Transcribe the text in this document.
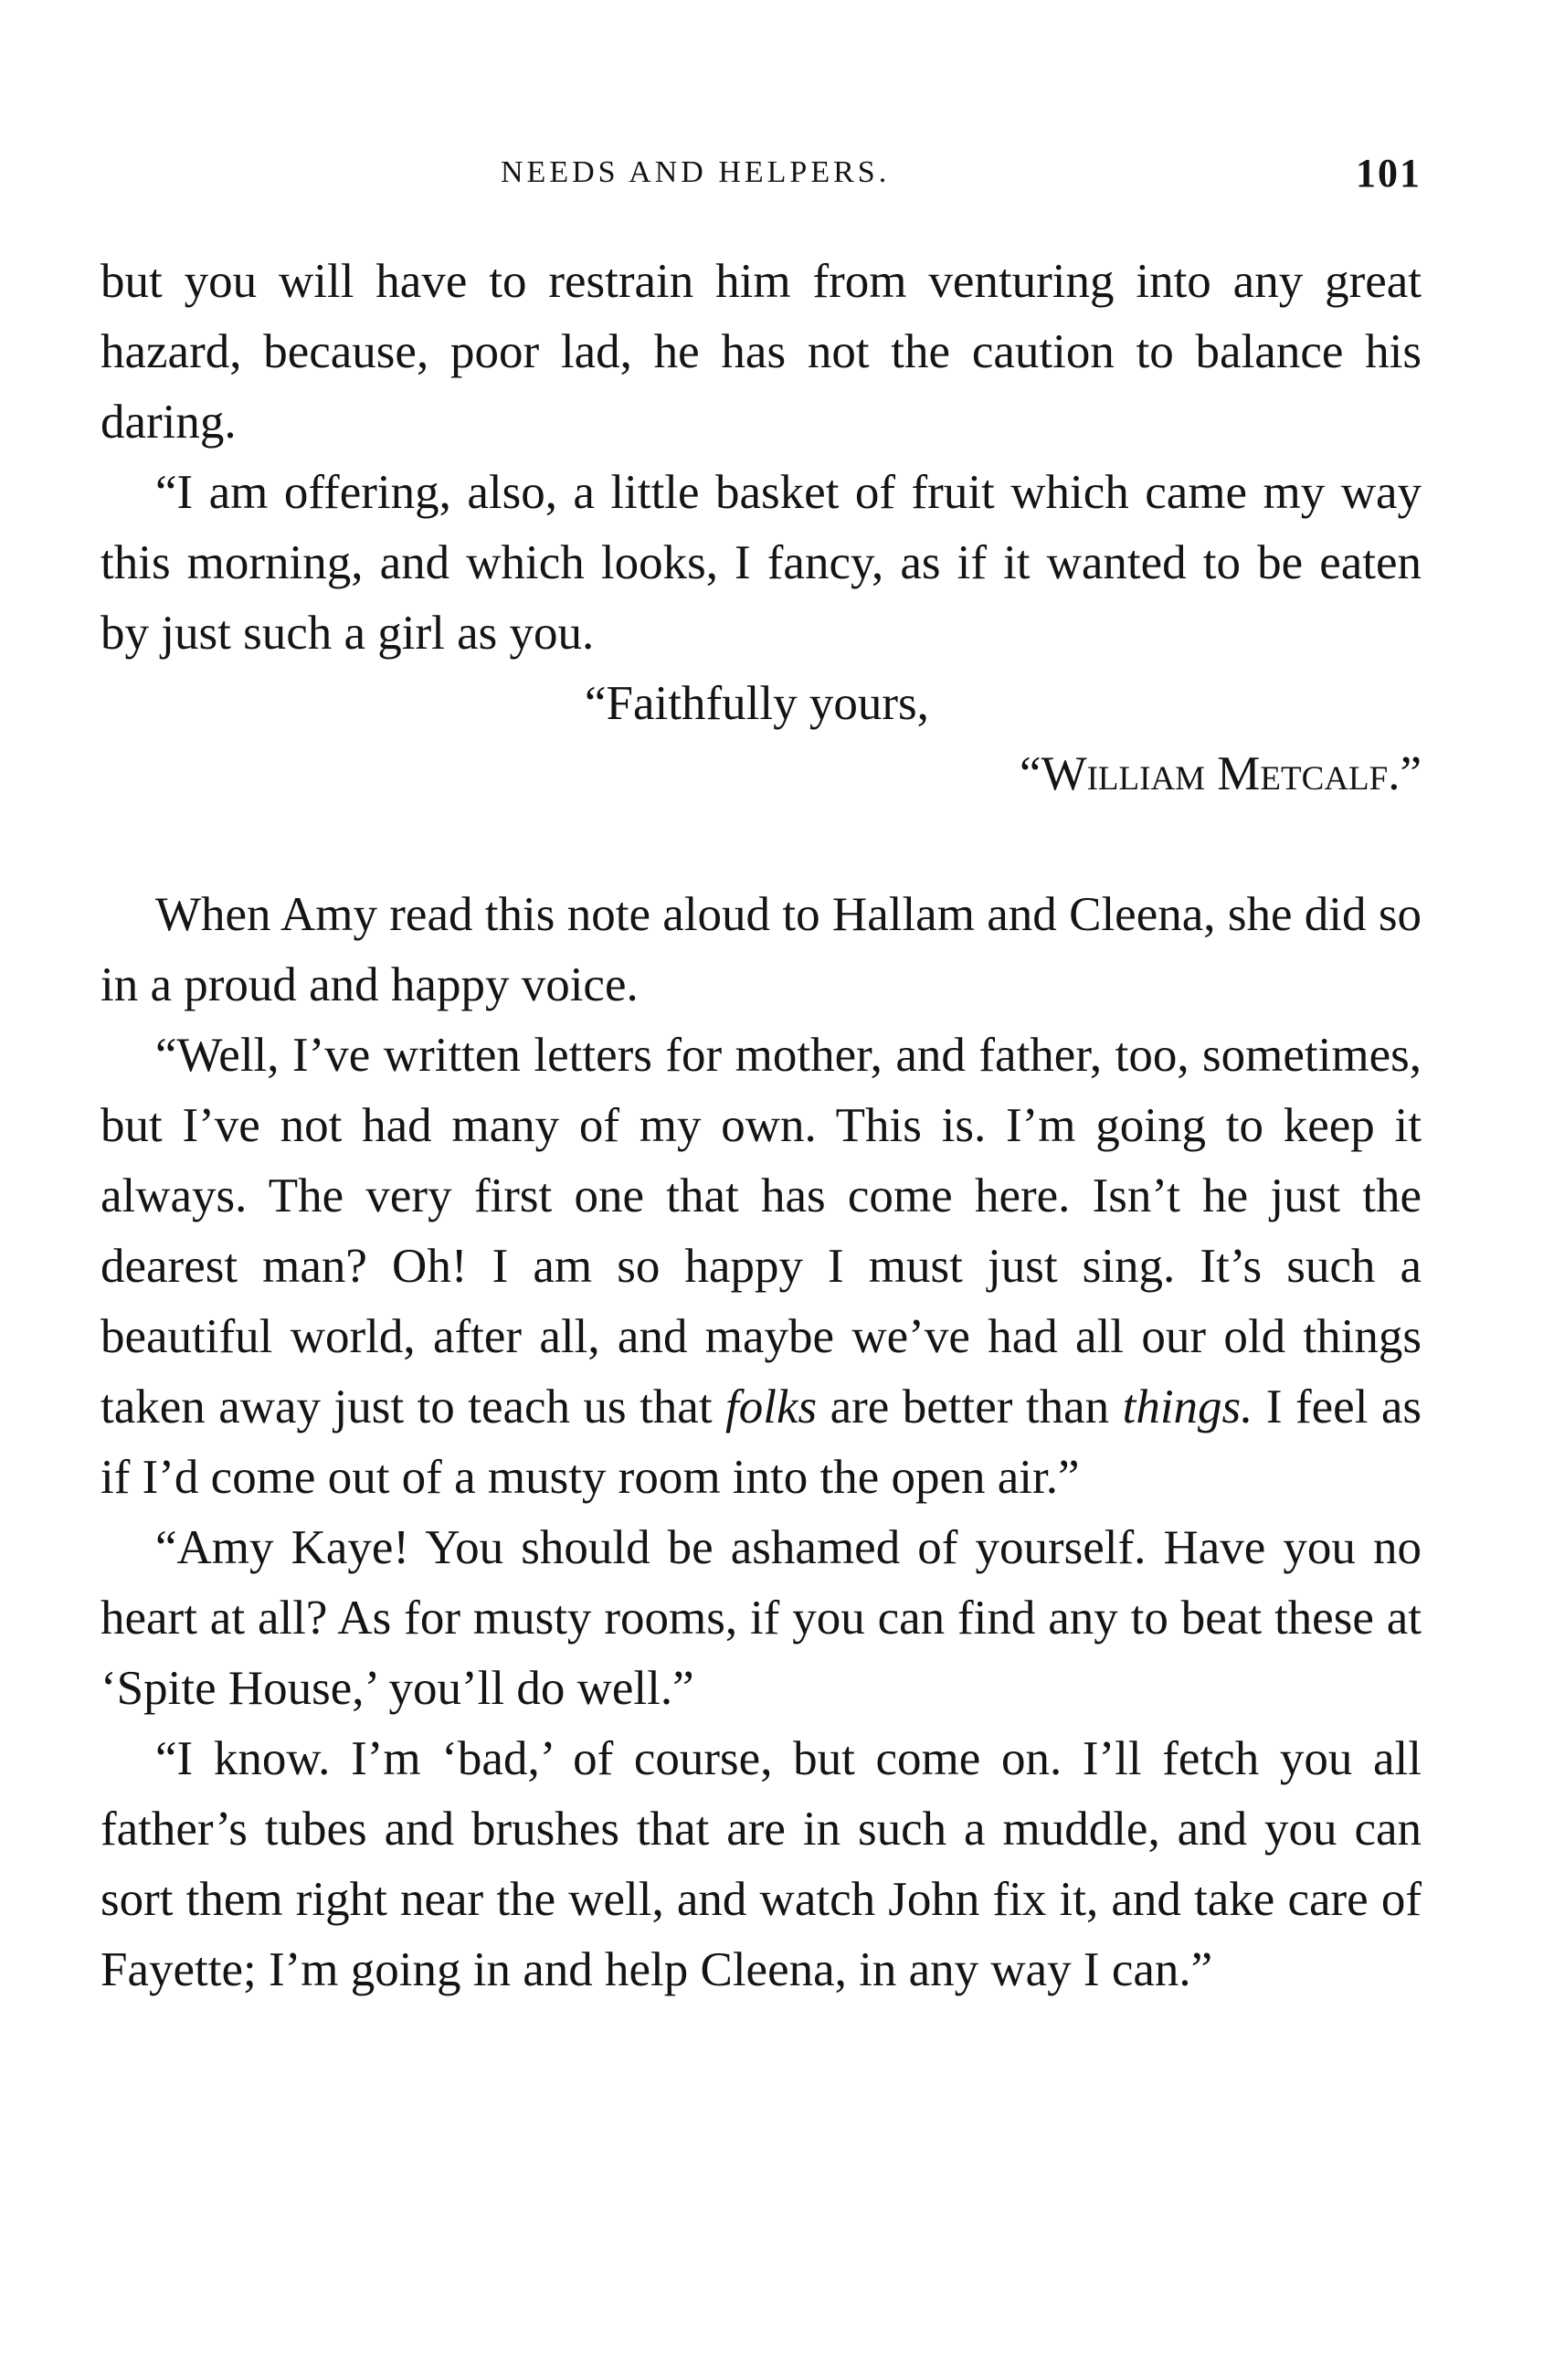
NEEDS AND HELPERS.	101

but you will have to restrain him from venturing into any great hazard, because, poor lad, he has not the caution to balance his daring.

“I am offering, also, a little basket of fruit which came my way this morning, and which looks, I fancy, as if it wanted to be eaten by just such a girl as you.

“Faithfully yours,

“William Metcalf.”

When Amy read this note aloud to Hallam and Cleena, she did so in a proud and happy voice.

“Well, I’ve written letters for mother, and father, too, sometimes, but I’ve not had many of my own. This is. I’m going to keep it always. The very first one that has come here. Isn’t he just the dearest man? Oh! I am so happy I must just sing. It’s such a beautiful world, after all, and maybe we’ve had all our old things taken away just to teach us that folks are better than things. I feel as if I’d come out of a musty room into the open air.”

“Amy Kaye! You should be ashamed of yourself. Have you no heart at all? As for musty rooms, if you can find any to beat these at ‘Spite House,’ you’ll do well.”

“I know. I’m ‘bad,’ of course, but come on. I’ll fetch you all father’s tubes and brushes that are in such a muddle, and you can sort them right near the well, and watch John fix it, and take care of Fayette; I’m going in and help Cleena, in any way I can.”
